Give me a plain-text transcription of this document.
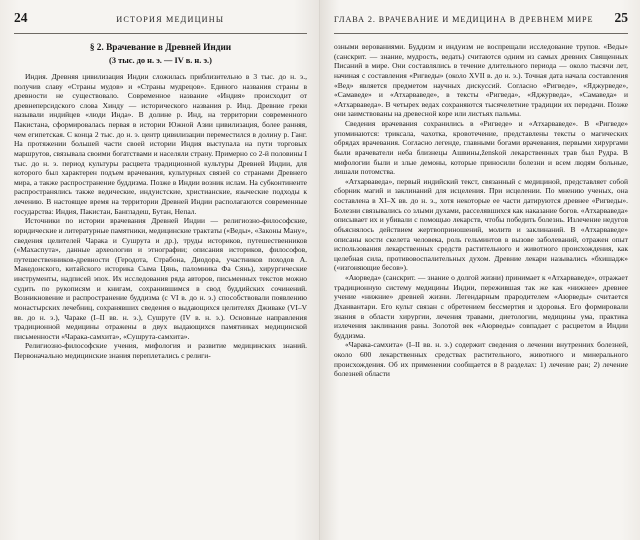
24	ИСТОРИЯ МЕДИЦИНЫ
§ 2. Врачевание в Древней Индии
(3 тыс. до н. э. — IV в. н. э.)

Индия. Древняя цивилизация Индии сложилась приблизительно в 3 тыс. до н. э., получив славу «Страны мудов» и «Страны мудрецов». Единого названия страны в древности не существовало. Современное название «Индия» происходит от древнеперсидского слова Хинду — исторического названия р. Инд. Древние греки называли индийцев «люди Инда». В долине р. Инд, на территории современного Пакистана, сформировалась первая в истории Южной Азии цивилизация, более ранняя, чем египетская. С конца 2 тыс. до н. э. центр цивилизации переместился в долину р. Ганг. На протяжении большей части своей истории Индия выступала на пути торговых маршрутов, связывала своими богатствами и населяли страну. Примерно со 2-й половины I тыс. до н. э. период культуры расцвета традиционной культуры Древней Индии, для которого был характерен подъем врачевания, культурных связей со странами Древнего мира, а также распространение буддизма. Позже в Индии возник ислам. На субконтиненте распространялись также ведические, индуистские, христианские, языческие подходы к лечению. В настоящее время на территории Древней Индии располагаются современные государства: Индия, Пакистан, Бангладеш, Бутан, Непал.

Источники по истории врачевания Древней Индии — религиозно-философские, юридические и литературные памятники, медицинские трактаты («Веды», «Законы Ману», сведения целителей Чарака и Сушрута и др.), труды историков, путешественников («Махаспута», данные археологии и этнографии; описания историков, философов, путешественников-древности (Геродота, Страбона, Диодора, участников походов А. Македонского, китайского историка Сыма Цянь, паломника Фа Сянь), хирургические инструменты, надписей эпох. Их исследования ряда авторов, письменных текстов можно судить по рукописям и книгам, сохранившимся в свод буддийских сочинений. Возникновение и распространение буддизма (с VI в. до н. э.) способствовали появлению монастырских лечебниц, сохранявших сведения о выдающихся целителях Дживаке (VI–V вв. до н. э.), Чараке (I–II вв. н. э.), Сушруте (IV в. н. э.). Основные направления традиционной медицины отражены в двух выдающихся памятниках медицинской письменности «Чарака-самхита», «Сушрута-самхита».

Религиозно-философские учения, мифология и развитие медицинских знаний. Первоначально медицинские знания переплетались с религи-

ГЛАВА 2. ВРАЧЕВАНИЕ И МЕДИЦИНА В ДРЕВНЕМ МИРЕ	25

озными верованиями. Буддизм и индуизм не воспрещали исследование трупов. «Веды» (санскрит. — знание, мудрость, ведать) считаются одним из самых древних Священных Писаний в мире. Они составлялись в течение длительного периода — около тысячи лет, начиная с составления «Ригведы» (около XVII в. до н. э.). Точная дата начала составления «Вед» является предметом научных дискуссий. Согласно «Ригведе», «Яджурведе», «Самаведе» и «Атхарваведе», в тексты «Ригведа», «Яджурведа», «Самаведа» и «Атхарваведа». В четырех ведах сохраняются тысячелетние традиции их передачи. Позже они заимствованы на древесной коре или листьях пальмы.

Сведения врачевания сохранились в «Ригведе» и «Атхарваведе». В «Ригведе» упоминаются: триксала, чахотка, кровотечение, представлены тексты о магических обрядах врачевания. Согласно легенде, главными богами врачевания, первыми хирургами были врачеватели неба близнецы Ашвины,ženskой лекарственных трав был Рудра. В мифологии были и злые демоны, которые приносили болезни и всем людям больные, лишали потомства.

«Атхарваведа», первый индийский текст, связанный с медициной, представляет собой сборник магий и заклинаний для исцеления. При исцелении. По мнению ученых, она составлена в XI–X вв. до н. э., хотя некоторые ее части датируются древнее «Ригведы». Болезни связывались со злыми духами, расселявшихся как наказание богов. «Атхарваведа» описывает их и убивали с помощью лекарств, чтобы победить болезнь. Излечение недугов объяснялось действием жертвоприношений, молитв и заклинаний. В «Атхарваведе» описаны кости скелета человека, роль гельминтов в вызове заболеваний, отражен опыт использования лекарственных средств растительного и животного происхождения, как целебная сила, противовоспалительных духом. Древние лекари назывались «бхишадж» («изгоняющие бесов»).

«Аюрведа» (санскрит. — знание о долгой жизни) принимает к «Атхарваведе», отражает традиционную систему медицины Индии, пережившая так же как «нижнее» древнее учение «нижние» древней жизни. Легендарным прародителем «Аюрведы» считается Дханвантари. Его культ связан с обретением бессмертия и здоровья. Его формировали знания в области хирургии, лечения травами, диетологии, медицины ума, практика излечения заклинания раны. Золотой век «Аюрведы» совпадает с расцветом в Индии буддизма.

«Чарака-самхита» (I–II вв. н. э.) содержит сведения о лечении внутренних болезней, около 600 лекарственных средствах растительного, животного и минерального происхождения. Об их применении сообщается в 8 разделах: 1) лечение ран; 2) лечение болезней области
